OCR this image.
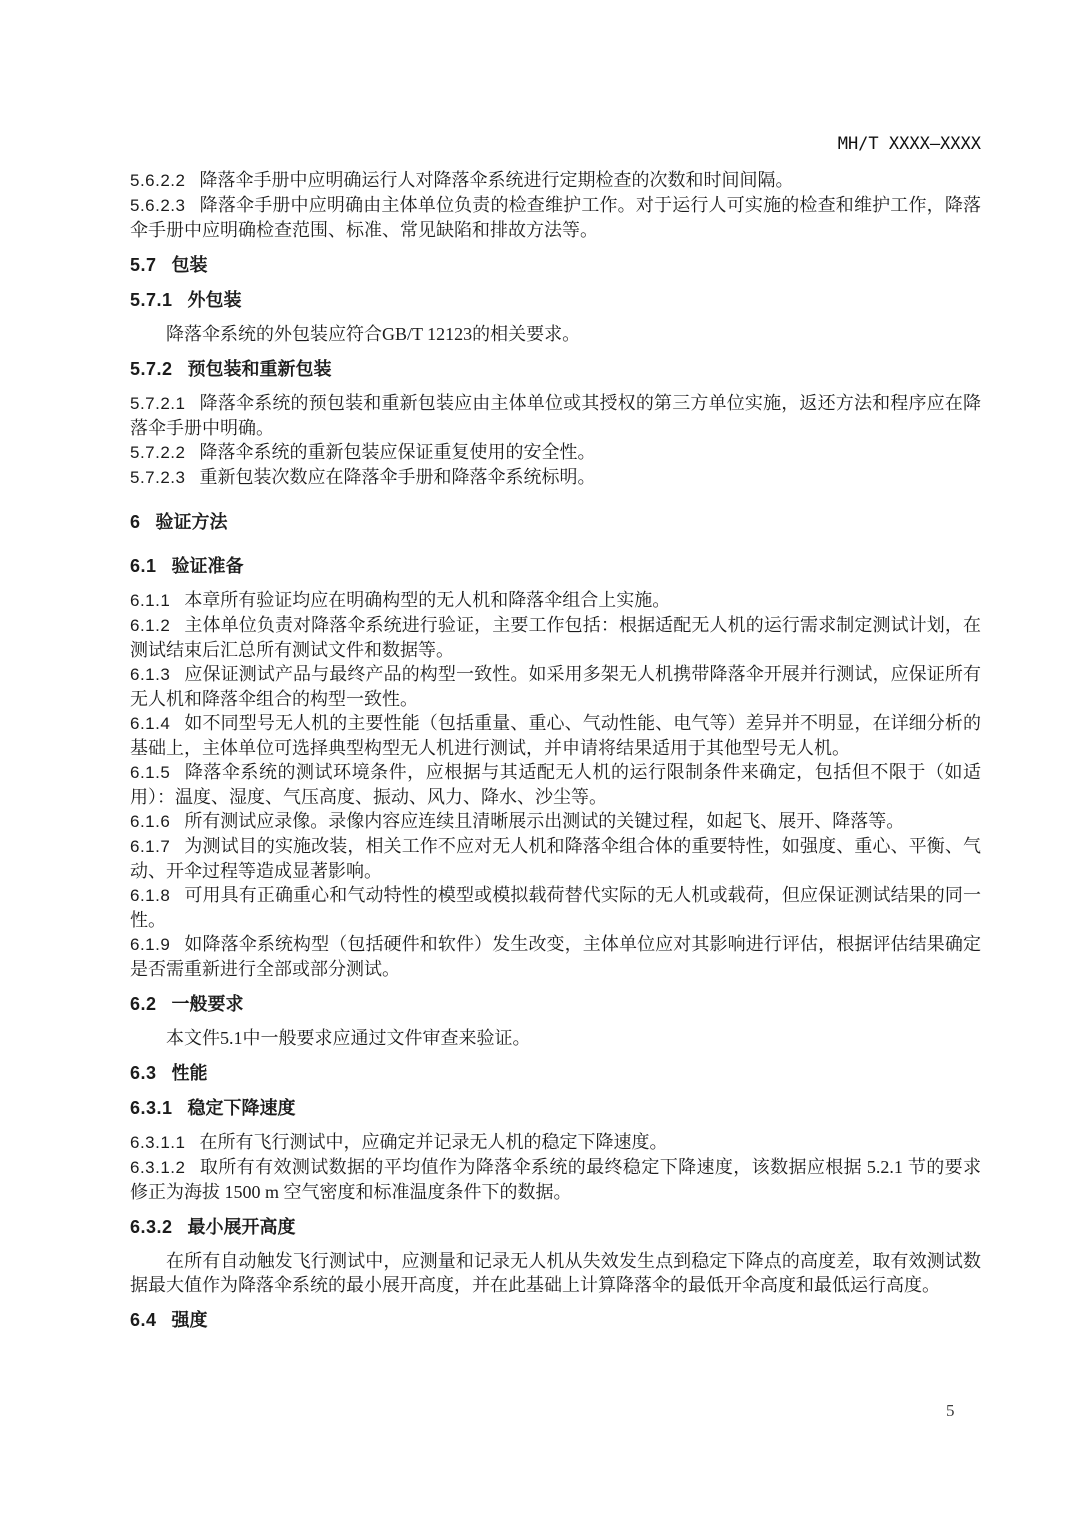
MH/T XXXX—XXXX

5.6.2.2 降落伞手册中应明确运行人对降落伞系统进行定期检查的次数和时间间隔。

5.6.2.3 降落伞手册中应明确由主体单位负责的检查维护工作。对于运行人可实施的检查和维护工作，降落伞手册中应明确检查范围、标准、常见缺陷和排故方法等。

5.7 包装
5.7.1 外包装

降落伞系统的外包装应符合GB/T 12123的相关要求。

5.7.2 预包装和重新包装

5.7.2.1 降落伞系统的预包装和重新包装应由主体单位或其授权的第三方单位实施，返还方法和程序应在降落伞手册中明确。

5.7.2.2 降落伞系统的重新包装应保证重复使用的安全性。

5.7.2.3 重新包装次数应在降落伞手册和降落伞系统标明。

6 验证方法
6.1 验证准备

6.1.1 本章所有验证均应在明确构型的无人机和降落伞组合上实施。

6.1.2 主体单位负责对降落伞系统进行验证，主要工作包括：根据适配无人机的运行需求制定测试计划，在测试结束后汇总所有测试文件和数据等。

6.1.3 应保证测试产品与最终产品的构型一致性。如采用多架无人机携带降落伞开展并行测试，应保证所有无人机和降落伞组合的构型一致性。

6.1.4 如不同型号无人机的主要性能（包括重量、重心、气动性能、电气等）差异并不明显，在详细分析的基础上，主体单位可选择典型构型无人机进行测试，并申请将结果适用于其他型号无人机。

6.1.5 降落伞系统的测试环境条件，应根据与其适配无人机的运行限制条件来确定，包括但不限于（如适用）：温度、湿度、气压高度、振动、风力、降水、沙尘等。

6.1.6 所有测试应录像。录像内容应连续且清晰展示出测试的关键过程，如起飞、展开、降落等。

6.1.7 为测试目的实施改装，相关工作不应对无人机和降落伞组合体的重要特性，如强度、重心、平衡、气动、开伞过程等造成显著影响。

6.1.8 可用具有正确重心和气动特性的模型或模拟载荷替代实际的无人机或载荷，但应保证测试结果的同一性。

6.1.9 如降落伞系统构型（包括硬件和软件）发生改变，主体单位应对其影响进行评估，根据评估结果确定是否需重新进行全部或部分测试。

6.2 一般要求

本文件5.1中一般要求应通过文件审查来验证。

6.3 性能
6.3.1 稳定下降速度

6.3.1.1 在所有飞行测试中，应确定并记录无人机的稳定下降速度。

6.3.1.2 取所有有效测试数据的平均值作为降落伞系统的最终稳定下降速度，该数据应根据 5.2.1 节的要求修正为海拔 1500 m 空气密度和标准温度条件下的数据。

6.3.2 最小展开高度

在所有自动触发飞行测试中，应测量和记录无人机从失效发生点到稳定下降点的高度差，取有效测试数据最大值作为降落伞系统的最小展开高度，并在此基础上计算降落伞的最低开伞高度和最低运行高度。

6.4 强度
5
